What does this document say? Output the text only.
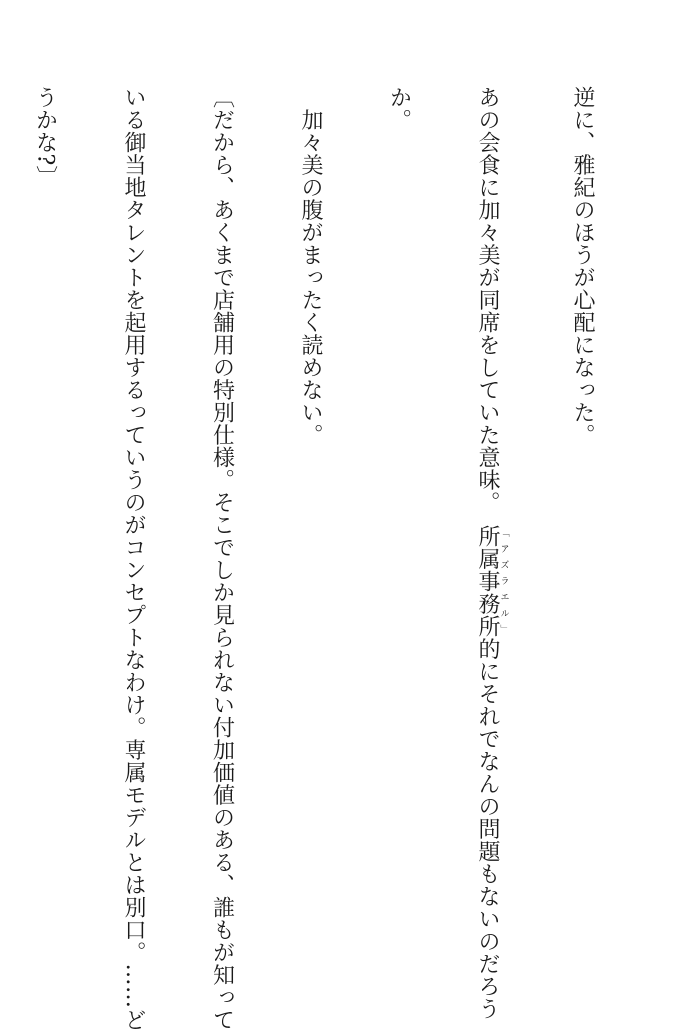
逆に、雅紀のほうが心配になった。

あの会食に加々美が同席をしていた意味。　所属事務所「アズラエル」的にそれでなんの問題もないのだろう

か。

　加々美の腹がまったく読めない。

〔だから、あくまで店舗用の特別仕様。そこでしか見られない付加価値のある、誰もが知って

いる御当地タレントを起用するっていうのがコンセプトなわけ。専属モデルとは別口。……ど

うかな?〕
